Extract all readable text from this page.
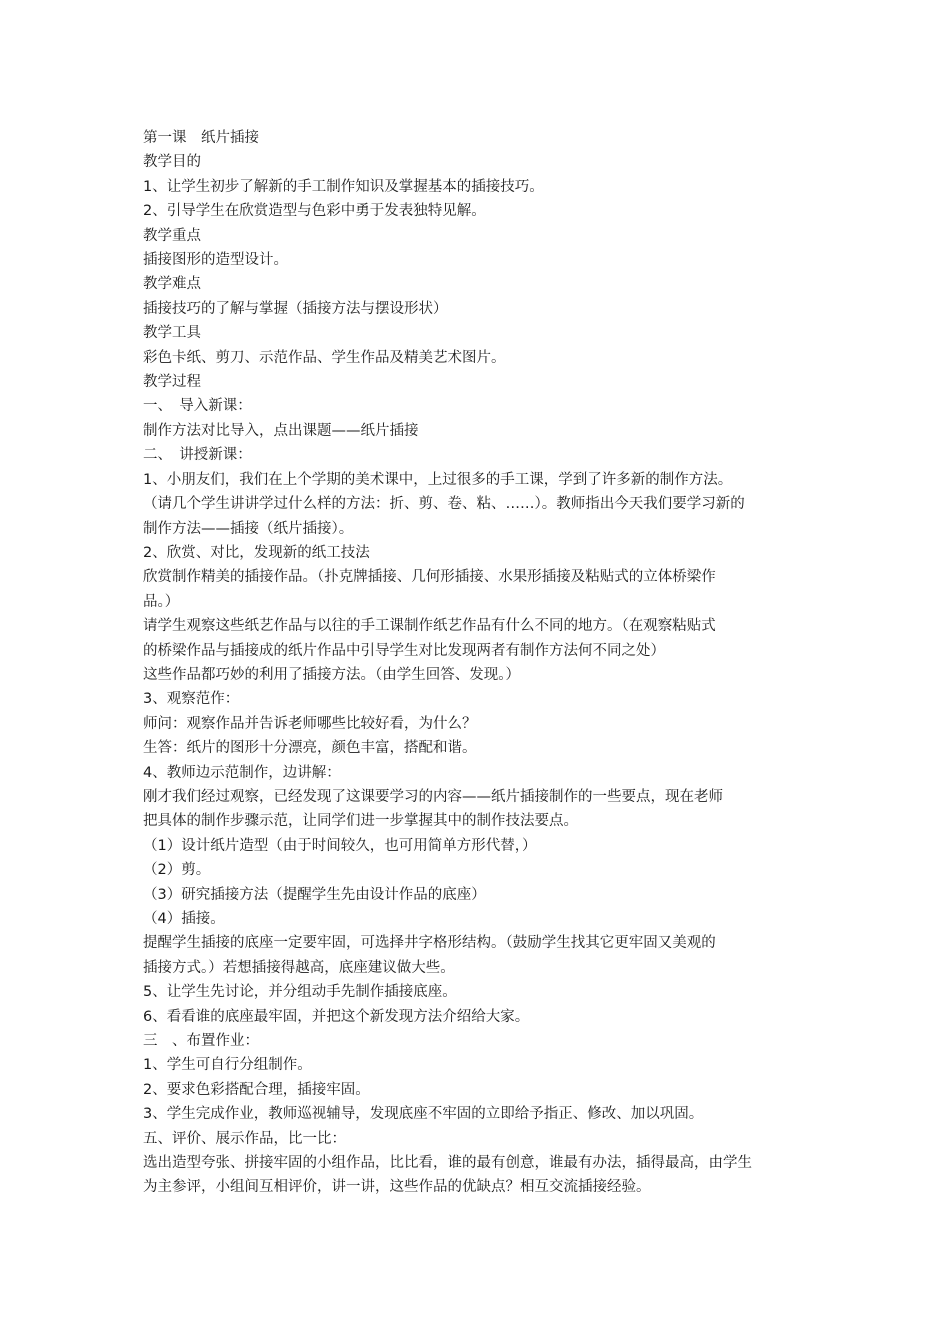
第一课　纸片插接
教学目的
1、让学生初步了解新的手工制作知识及掌握基本的插接技巧。
2、引导学生在欣赏造型与色彩中勇于发表独特见解。
教学重点
插接图形的造型设计。
教学难点
插接技巧的了解与掌握（插接方法与摆设形状）
教学工具
彩色卡纸、剪刀、示范作品、学生作品及精美艺术图片。
教学过程
一、　导入新课：
制作方法对比导入，点出课题——纸片插接
二、　讲授新课：
1、小朋友们，我们在上个学期的美术课中，上过很多的手工课，学到了许多新的制作方法。
（请几个学生讲讲学过什么样的方法：折、剪、卷、粘、……）。教师指出今天我们要学习新的
制作方法——插接（纸片插接）。
2、欣赏、对比，发现新的纸工技法
欣赏制作精美的插接作品。（扑克牌插接、几何形插接、水果形插接及粘贴式的立体桥梁作
品。）
请学生观察这些纸艺作品与以往的手工课制作纸艺作品有什么不同的地方。（在观察粘贴式
的桥梁作品与插接成的纸片作品中引导学生对比发现两者有制作方法何不同之处）
这些作品都巧妙的利用了插接方法。（由学生回答、发现。）
3、观察范作：
师问：观察作品并告诉老师哪些比较好看，为什么？
生答：纸片的图形十分漂亮，颜色丰富，搭配和谐。
4、教师边示范制作，边讲解：
刚才我们经过观察，已经发现了这课要学习的内容——纸片插接制作的一些要点，现在老师
把具体的制作步骤示范，让同学们进一步掌握其中的制作技法要点。
（1）设计纸片造型（由于时间较久，也可用简单方形代替，）
（2）剪。
（3）研究插接方法（提醒学生先由设计作品的底座）
（4）插接。
提醒学生插接的底座一定要牢固，可选择井字格形结构。（鼓励学生找其它更牢固又美观的
插接方式。）若想插接得越高，底座建议做大些。
5、让学生先讨论，并分组动手先制作插接底座。
6、看看谁的底座最牢固，并把这个新发现方法介绍给大家。
三　、布置作业：
1、学生可自行分组制作。
2、要求色彩搭配合理，插接牢固。
3、学生完成作业，教师巡视辅导，发现底座不牢固的立即给予指正、修改、加以巩固。
五、评价、展示作品，比一比：
选出造型夸张、拼接牢固的小组作品，比比看，谁的最有创意，谁最有办法，插得最高，由学生
为主参评，小组间互相评价，讲一讲，这些作品的优缺点？相互交流插接经验。
